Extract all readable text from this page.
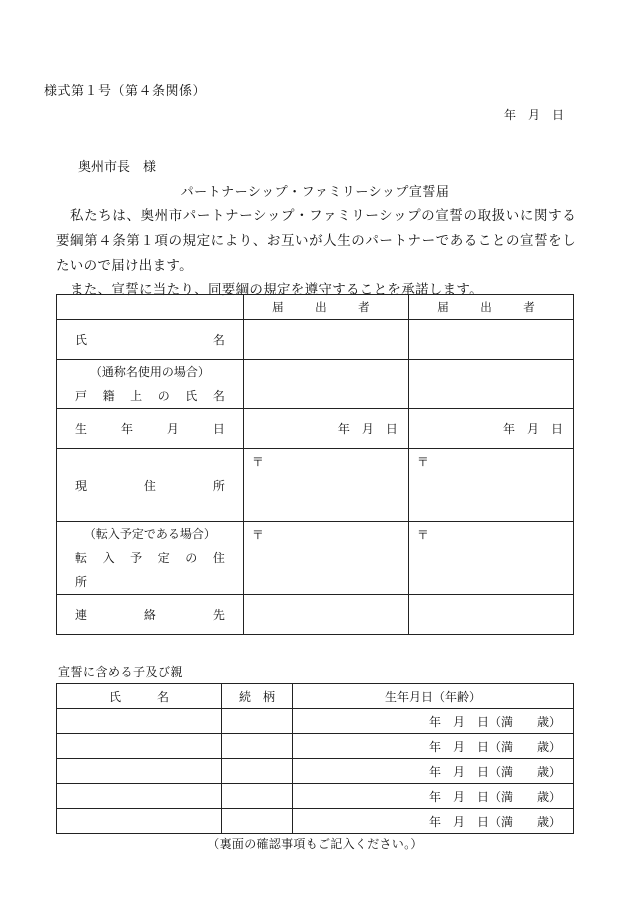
様式第１号（第４条関係）
年　月　日
奥州市長　様
パートナーシップ・ファミリーシップ宣誓届
私たちは、奥州市パートナーシップ・ファミリーシップの宣誓の取扱いに関する要綱第４条第１項の規定により、お互いが人生のパートナーであることの宣誓をしたいので届け出ます。
また、宣誓に当たり、同要綱の規定を遵守することを承諾します。
	届　出　者	届　出　者

氏　　　　　名		

（通称名使用の場合）
戸　籍　上　の　氏　名		

生　　年　　月　　日	年　月　日	年　月　日

現　　　住　　　所	〒	〒

（転入予定である場合）
転　入　予　定　の　住　所	〒	〒

連　　　絡　　　先		

宣誓に含める子及び親
氏　　　名	続　柄	生年月日（年齢）
		年　月　日（満　　歳）
		年　月　日（満　　歳）
		年　月　日（満　　歳）
		年　月　日（満　　歳）
		年　月　日（満　　歳）
（裏面の確認事項もご記入ください。）
